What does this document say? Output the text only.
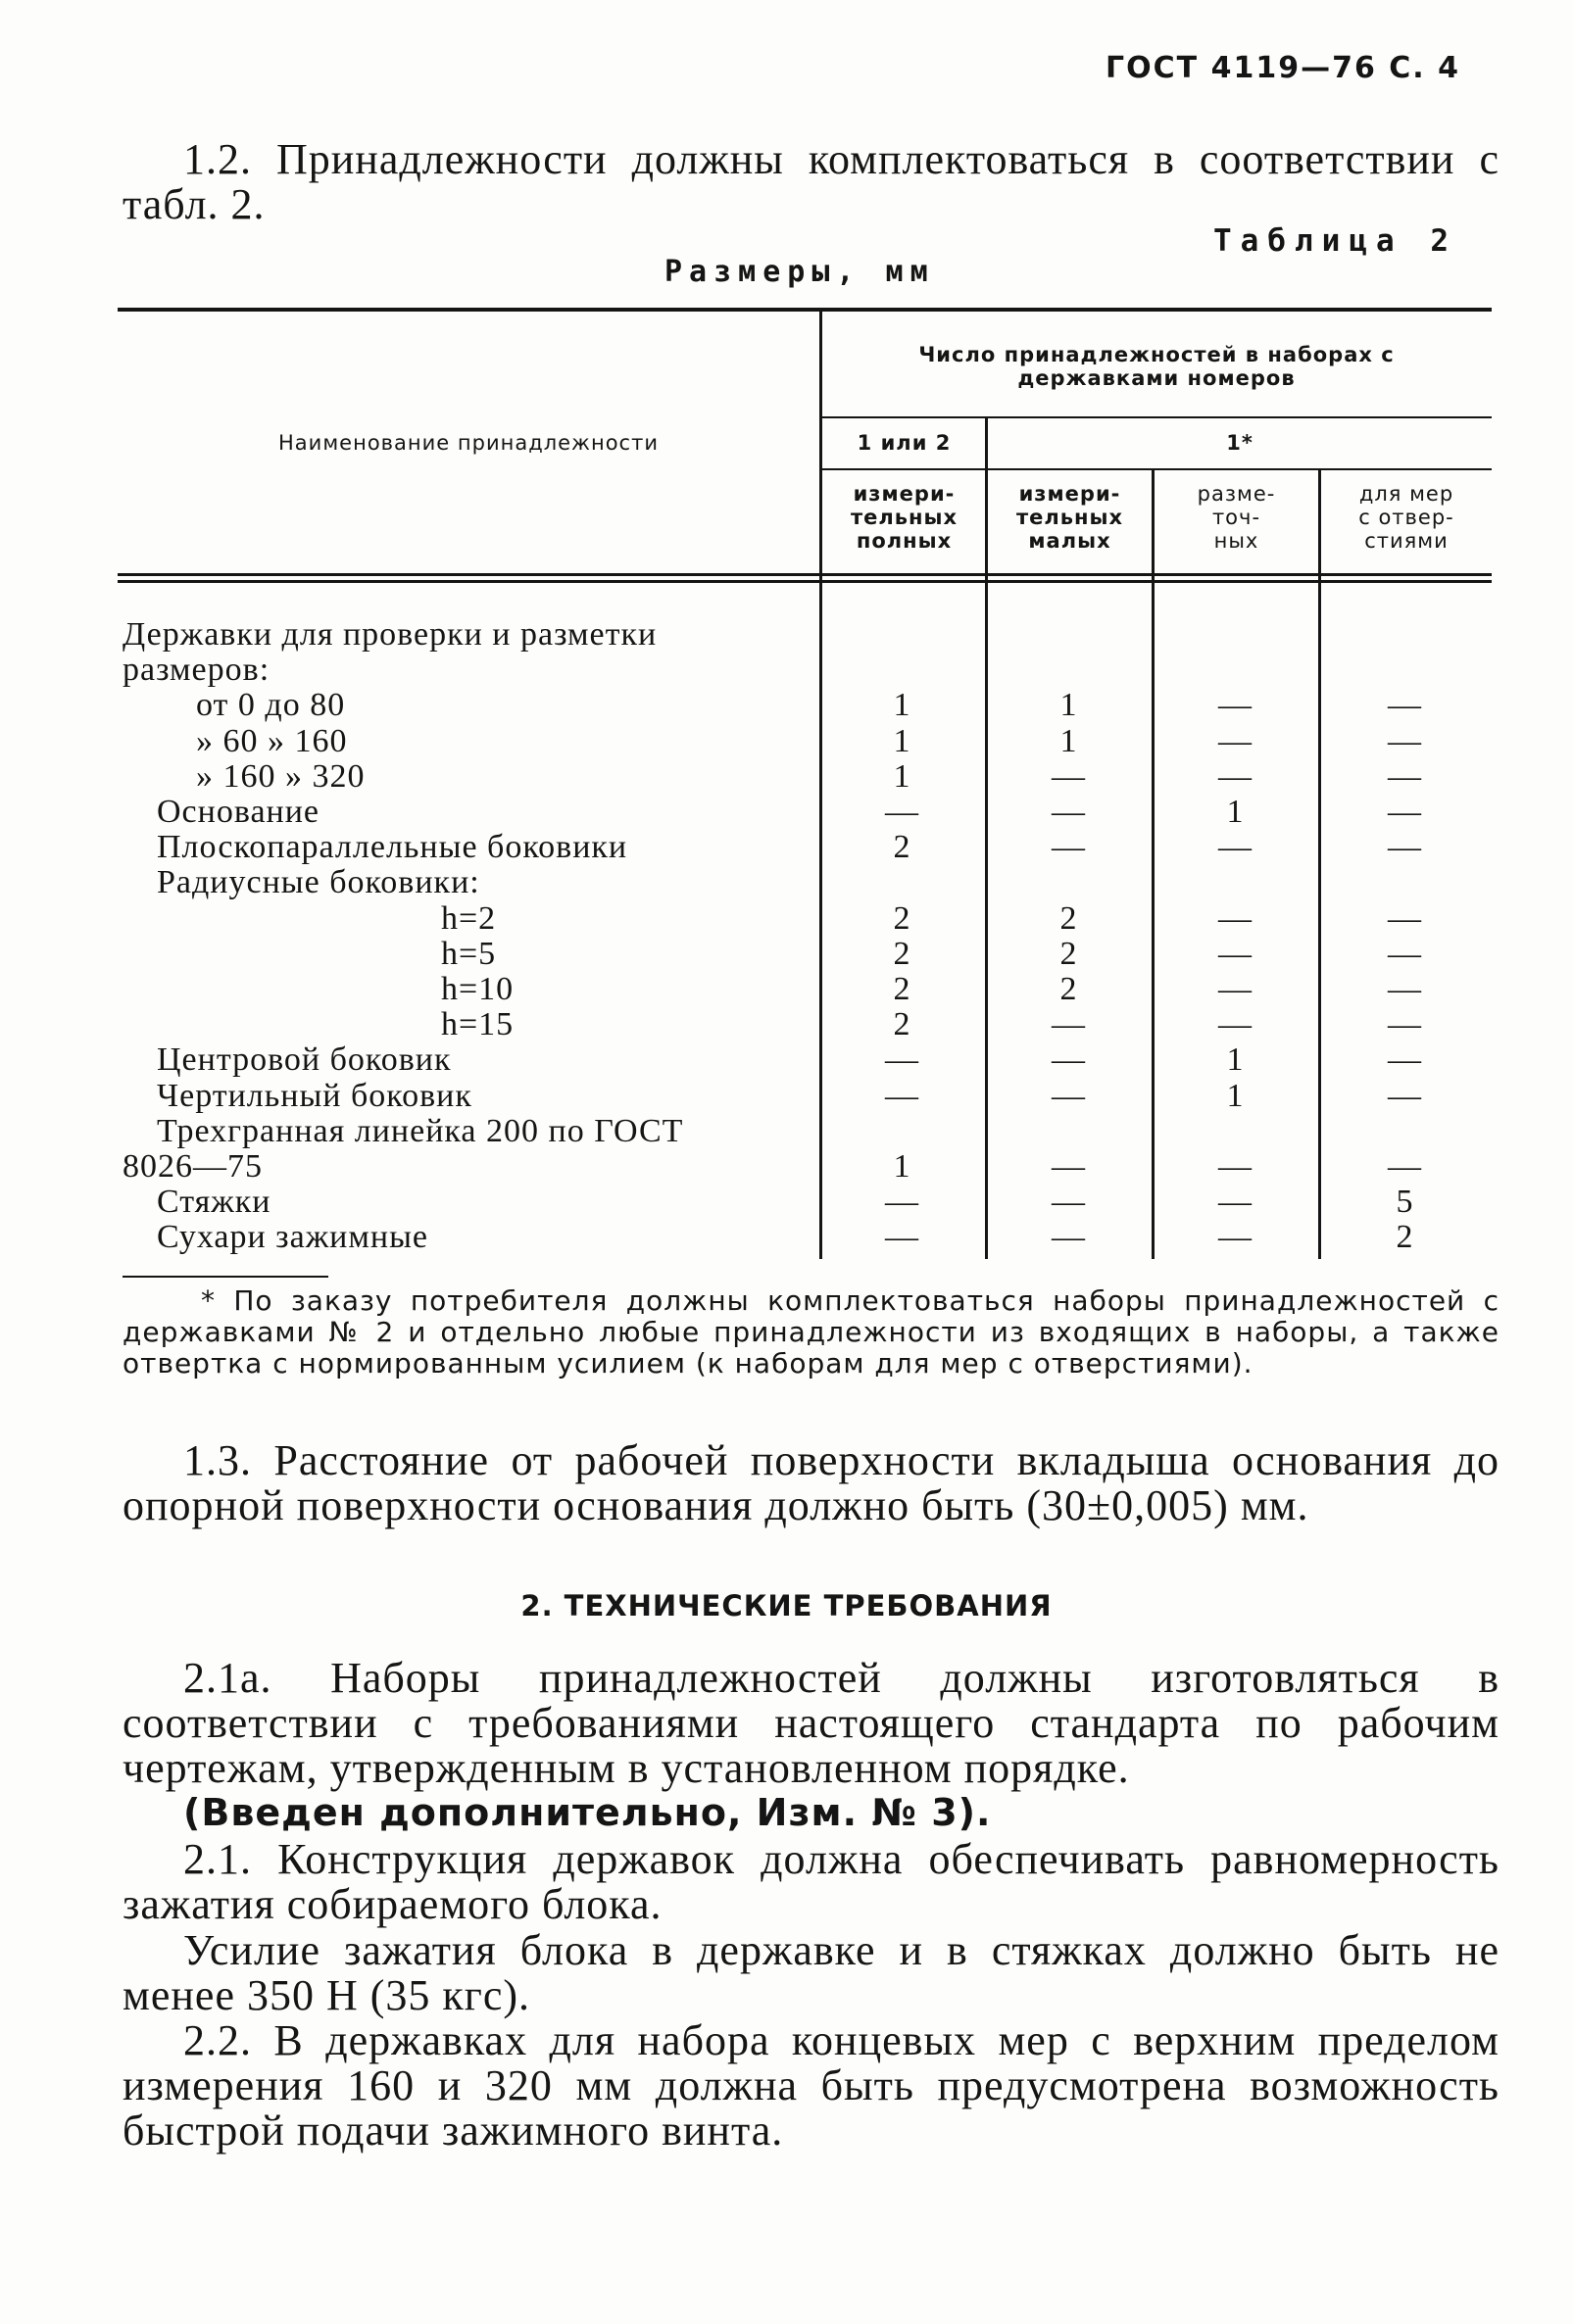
ГОСТ 4119—76 С. 4
1.2. Принадлежности должны комплектоваться в соответствии с табл. 2.
Таблица 2
Размеры, мм
Наименование принадлежности
Число принадлежностей в наборах с державками номеров
1 или 2	1*
измери-
тельных
полных
измери-
тельных
малых
разме-
точ-
ных
для мер
с отвер-
стиями
Державки для проверки и разметки
размеров:
от 0 до 80	1	1	—	—
» 60 » 160	1	1	—	—
» 160 » 320	1	—	—	—
Основание	—	—	1	—
Плоскопараллельные боковики	2	—	—	—
Радиусные боковики:
h=2	2	2	—	—
h=5	2	2	—	—
h=10	2	2	—	—
h=15	2	—	—	—
Центровой боковик	—	—	1	—
Чертильный боковик	—	—	1	—
Трехгранная линейка 200 по ГОСТ
8026—75	1	—	—	—
Стяжки	—	—	—	5
Сухари зажимные	—	—	—	2
* По заказу потребителя должны комплектоваться наборы принадлежностей с державками № 2 и отдельно любые принадлежности из входящих в наборы, а также отвертка с нормированным усилием (к наборам для мер с отверстиями).
1.3. Расстояние от рабочей поверхности вкладыша основания до опорной поверхности основания должно быть (30±0,005) мм.
2. ТЕХНИЧЕСКИЕ ТРЕБОВАНИЯ
2.1а. Наборы принадлежностей должны изготовляться в соответствии с требованиями настоящего стандарта по рабочим чертежам, утвержденным в установленном порядке.
(Введен дополнительно, Изм. № 3).
2.1. Конструкция державок должна обеспечивать равномерность зажатия собираемого блока.
Усилие зажатия блока в державке и в стяжках должно быть не менее 350 Н (35 кгс).
2.2. В державках для набора концевых мер с верхним пределом измерения 160 и 320 мм должна быть предусмотрена возможность быстрой подачи зажимного винта.
